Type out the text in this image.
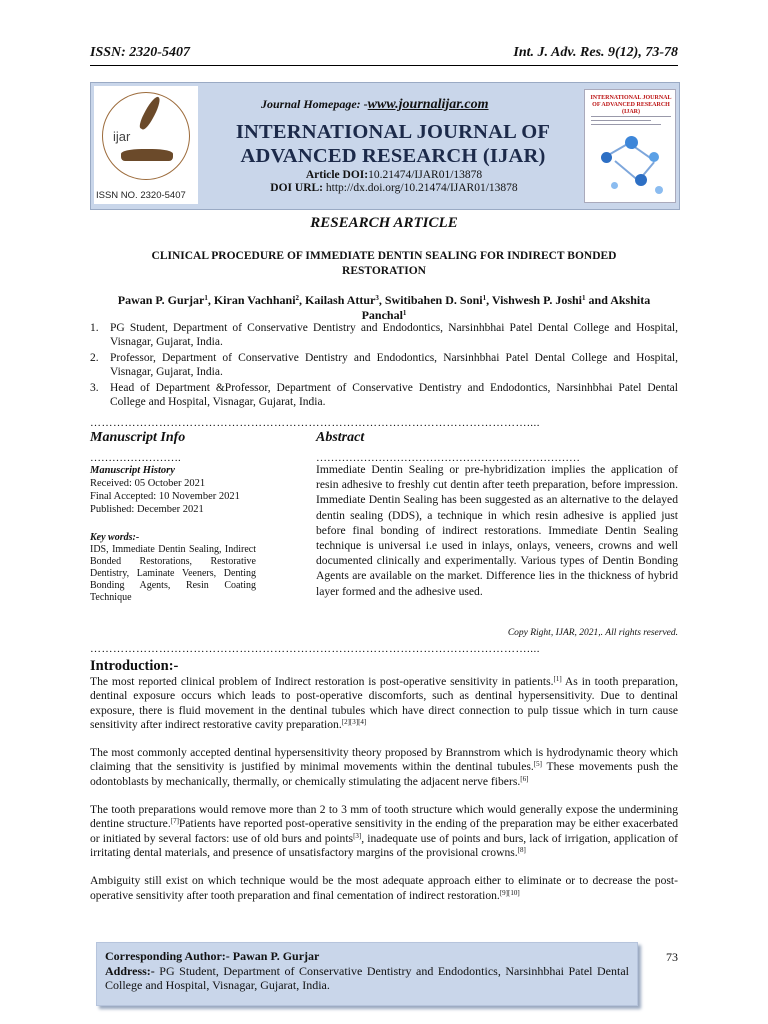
ISSN: 2320-5407	Int. J. Adv. Res. 9(12), 73-78
ijar
ISSN NO. 2320-5407
Journal Homepage: -www.journalijar.com
INTERNATIONAL JOURNAL OF
ADVANCED RESEARCH (IJAR)
Article DOI:10.21474/IJAR01/13878
DOI URL: http://dx.doi.org/10.21474/IJAR01/13878
INTERNATIONAL JOURNAL OF ADVANCED RESEARCH (IJAR)
RESEARCH ARTICLE
CLINICAL PROCEDURE OF IMMEDIATE DENTIN SEALING FOR INDIRECT BONDED RESTORATION
Pawan P. Gurjar$^1$, Kiran Vachhani$^2$, Kailash Attur$^3$, Switibahen D. Soni$^1$, Vishwesh P. Joshi$^1$ and Akshita Panchal$^1$
1. PG Student, Department of Conservative Dentistry and Endodontics, Narsinhbhai Patel Dental College and Hospital, Visnagar, Gujarat, India.
2. Professor, Department of Conservative Dentistry and Endodontics, Narsinhbhai Patel Dental College and Hospital, Visnagar, Gujarat, India.
3. Head of Department &Professor, Department of Conservative Dentistry and Endodontics, Narsinhbhai Patel Dental College and Hospital, Visnagar, Gujarat, India.
……………………………………………………………………………………………………....
Manuscript Info
…………………….
Manuscript History
Received: 05 October 2021
Final Accepted: 10 November 2021
Published: December 2021
Key words:-
IDS, Immediate Dentin Sealing, Indirect Bonded Restorations, Restorative Dentistry, Laminate Veeners, Denting Bonding Agents, Resin Coating Technique
Abstract
………………………………………………………………
Immediate Dentin Sealing or pre-hybridization implies the application of resin adhesive to freshly cut dentin after teeth preparation, before impression. Immediate Dentin Sealing has been suggested as an alternative to the delayed dentin sealing (DDS), a technique in which resin adhesive is applied just before final bonding of indirect restorations. Immediate Dentin Sealing technique is universal i.e used in inlays, onlays, veneers, crowns and well documented clinically and experimentally. Various types of Dentin Bonding Agents are available on the market. Difference lies in the thickness of hybrid layer formed and the adhesive used.
Copy Right, IJAR, 2021,. All rights reserved.
……………………………………………………………………………………………………....
Introduction:-

The most reported clinical problem of Indirect restoration is post-operative sensitivity in patients.[1] As in tooth preparation, dentinal exposure occurs which leads to post-operative discomforts, such as dentinal hypersensitivity. Due to dentinal exposure, there is fluid movement in the dentinal tubules which have direct connection to pulp tissue which in turn cause sensitivity after indirect restorative cavity preparation.[2][3][4]

The most commonly accepted dentinal hypersensitivity theory proposed by Brannstrom which is hydrodynamic theory which claiming that the sensitivity is justified by minimal movements within the dentinal tubules.[5] These movements push the odontoblasts by mechanically, thermally, or chemically stimulating the adjacent nerve fibers.[6]

The tooth preparations would remove more than 2 to 3 mm of tooth structure which would generally expose the undermining dentine structure.[7]Patients have reported post-operative sensitivity in the ending of the preparation may be either exacerbated or initiated by several factors: use of old burs and points[3], inadequate use of points and burs, lack of irrigation, application of irritating dental materials, and presence of unsatisfactory margins of the provisional crowns.[8]

Ambiguity still exist on which technique would be the most adequate approach either to eliminate or to decrease the post-operative sensitivity after tooth preparation and final cementation of indirect restoration.[9][10]

Corresponding Author:- Pawan P. Gurjar
Address:- PG Student, Department of Conservative Dentistry and Endodontics, Narsinhbhai Patel Dental College and Hospital, Visnagar, Gujarat, India.
73
